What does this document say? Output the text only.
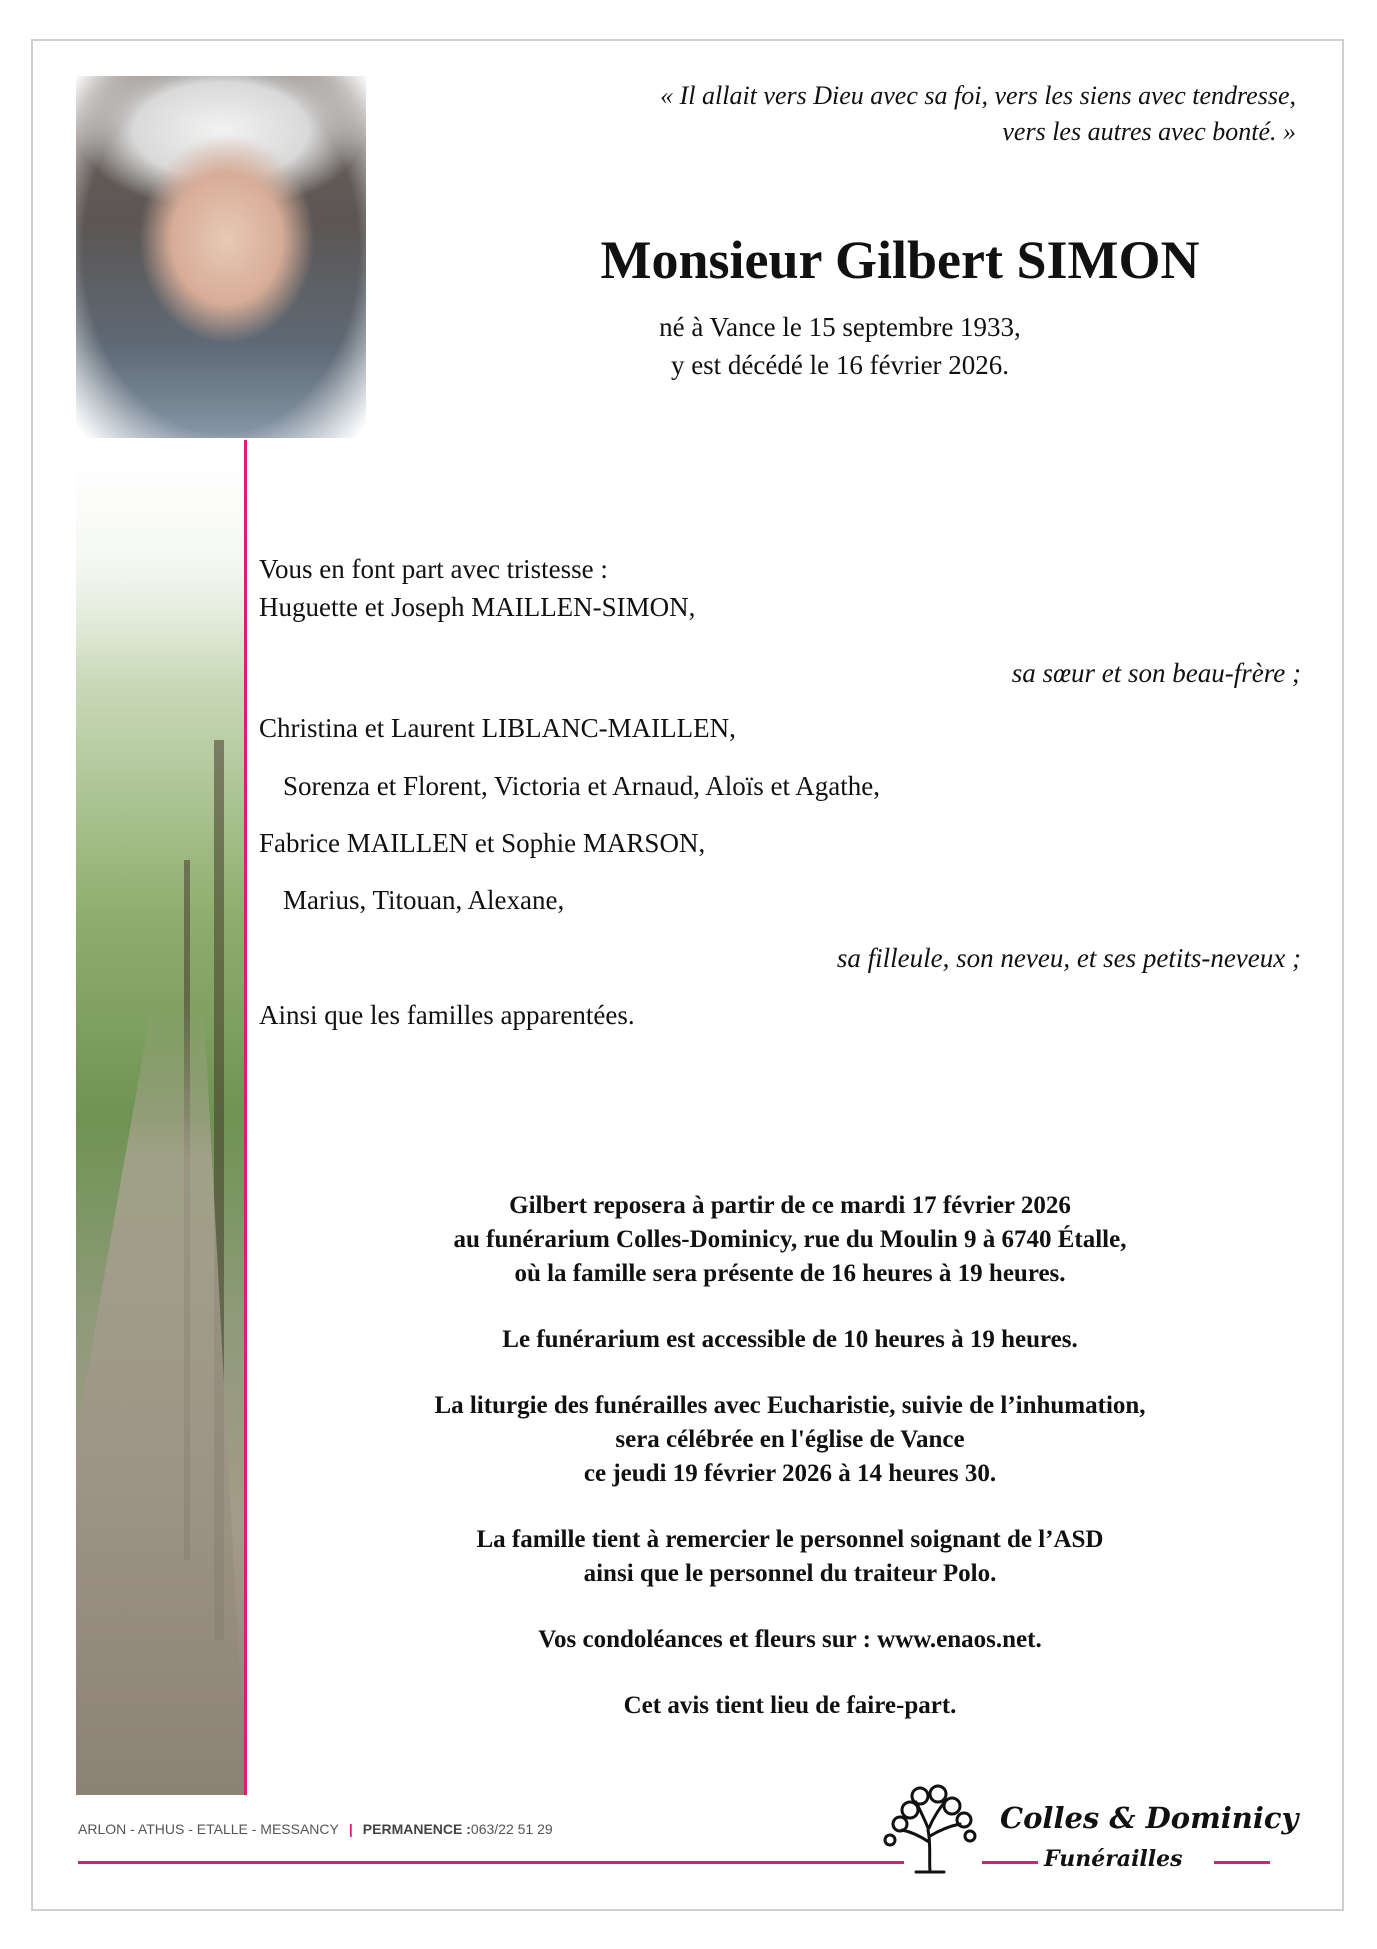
« Il allait vers Dieu avec sa foi, vers les siens avec tendresse,
vers les autres avec bonté. »
Monsieur Gilbert SIMON
né à Vance le 15 septembre 1933,
y est décédé le 16 février 2026.
Vous en font part avec tristesse :
Huguette et Joseph MAILLEN-SIMON,
sa sœur et son beau-frère ;
Christina et Laurent LIBLANC-MAILLEN,
Sorenza et Florent, Victoria et Arnaud, Aloïs et Agathe,
Fabrice MAILLEN et Sophie MARSON,
Marius, Titouan, Alexane,
sa filleule, son neveu, et ses petits-neveux ;
Ainsi que les familles apparentées.
Gilbert reposera à partir de ce mardi 17 février 2026
au funérarium Colles-Dominicy, rue du Moulin 9 à 6740 Étalle,
où la famille sera présente de 16 heures à 19 heures.
Le funérarium est accessible de 10 heures à 19 heures.
La liturgie des funérailles avec Eucharistie, suivie de l’inhumation,
sera célébrée en l'église de Vance
ce jeudi 19 février 2026 à 14 heures 30.
La famille tient à remercier le personnel soignant de l’ASD
ainsi que le personnel du traiteur Polo.
Vos condoléances et fleurs sur : www.enaos.net.
Cet avis tient lieu de faire-part.
ARLON - ATHUS - ETALLE - MESSANCY | PERMANENCE :063/22 51 29	Colles & Dominicy
Funérailles
